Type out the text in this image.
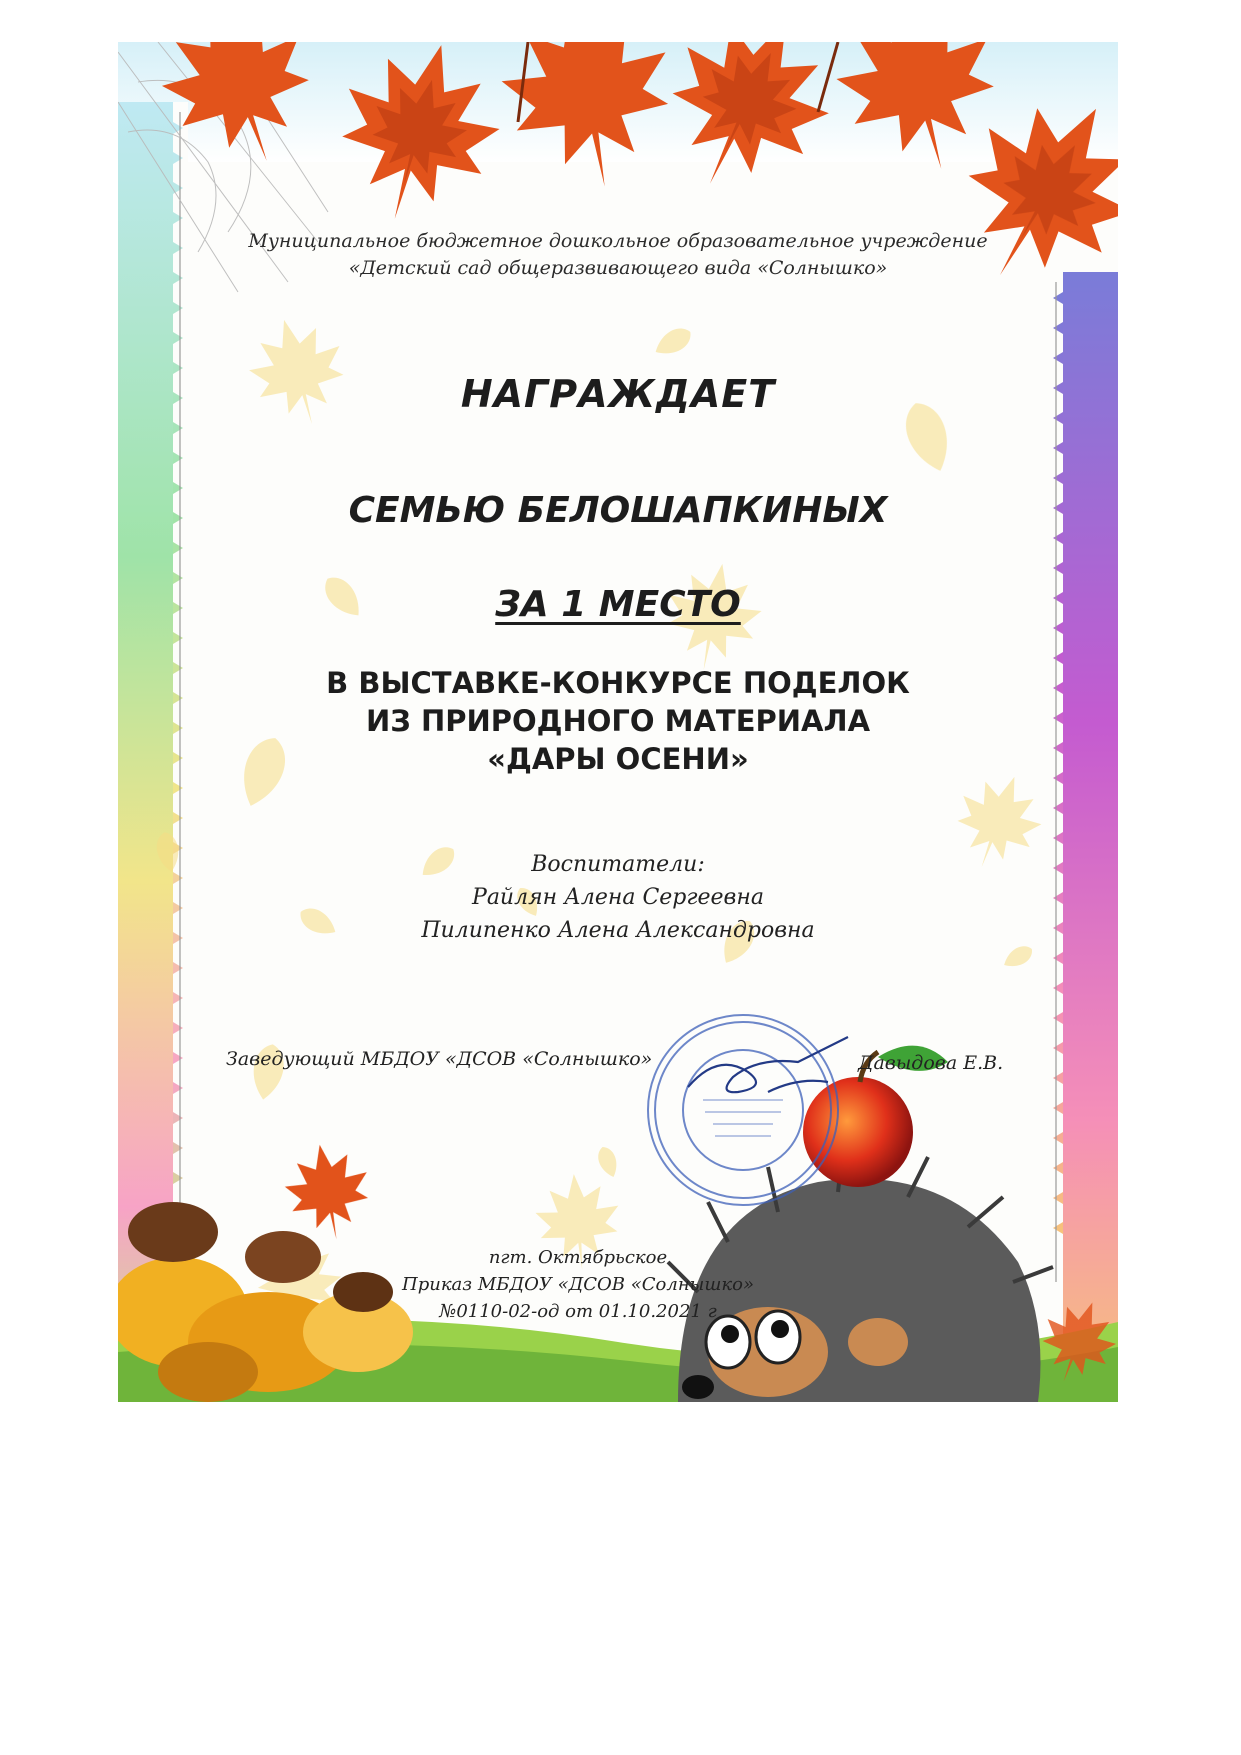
Муниципальное бюджетное дошкольное образовательное учреждение
«Детский сад общеразвивающего вида «Солнышко»
НАГРАЖДАЕТ
СЕМЬЮ БЕЛОШАПКИНЫХ
ЗА 1 МЕСТО
В ВЫСТАВКЕ-КОНКУРСЕ ПОДЕЛОК
ИЗ ПРИРОДНОГО МАТЕРИАЛА
«ДАРЫ ОСЕНИ»
Воспитатели:
Райлян Алена Сергеевна
Пилипенко Алена Александровна
Заведующий МБДОУ «ДСОВ «Солнышко»	Давыдова Е.В.
пгт. Октябрьское
Приказ МБДОУ «ДСОВ «Солнышко»
№0110-02-од от 01.10.2021 г
